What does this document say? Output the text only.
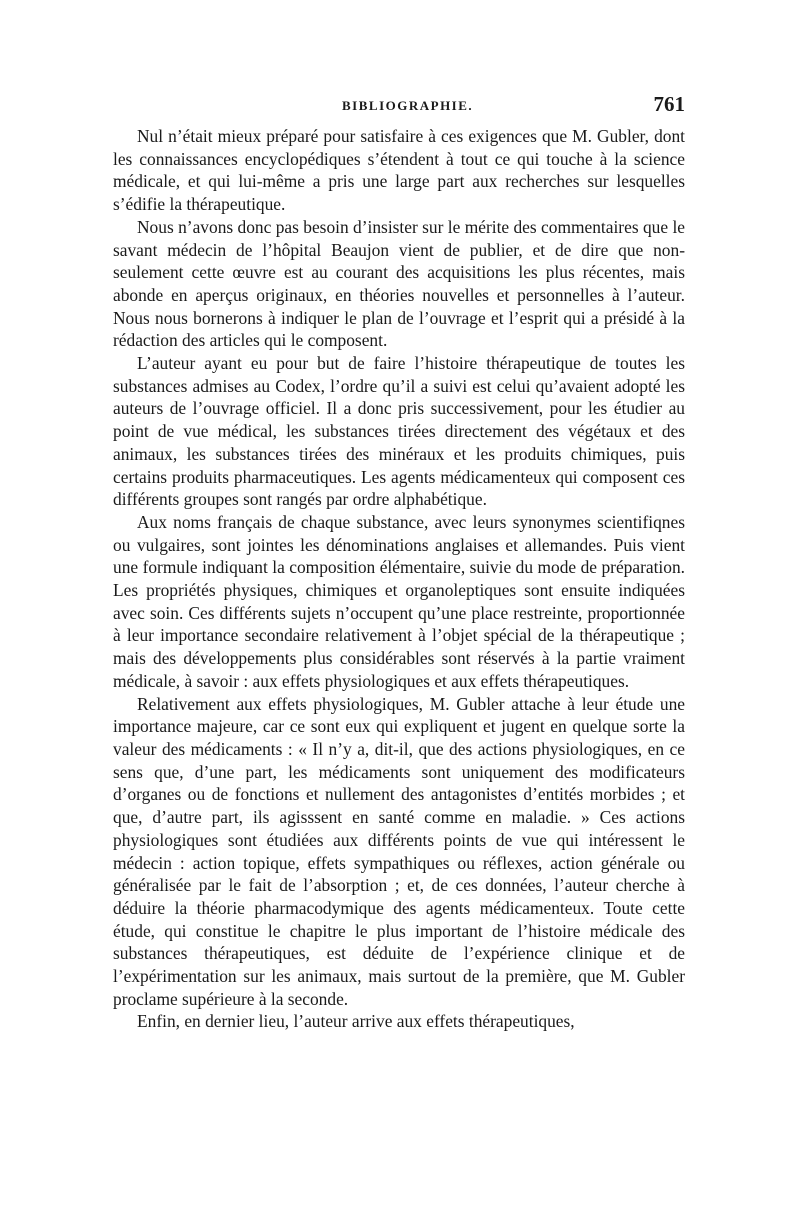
BIBLIOGRAPHIE.	761

Nul n’était mieux préparé pour satisfaire à ces exigences que M. Gubler, dont les connaissances encyclopédiques s’étendent à tout ce qui touche à la science médicale, et qui lui-même a pris une large part aux recherches sur lesquelles s’édifie la thérapeutique.

Nous n’avons donc pas besoin d’insister sur le mérite des commentaires que le savant médecin de l’hôpital Beaujon vient de publier, et de dire que non-seulement cette œuvre est au courant des acquisitions les plus récentes, mais abonde en aperçus originaux, en théories nouvelles et personnelles à l’auteur. Nous nous bornerons à indiquer le plan de l’ouvrage et l’esprit qui a présidé à la rédaction des articles qui le composent.

L’auteur ayant eu pour but de faire l’histoire thérapeutique de toutes les substances admises au Codex, l’ordre qu’il a suivi est celui qu’avaient adopté les auteurs de l’ouvrage officiel. Il a donc pris successivement, pour les étudier au point de vue médical, les substances tirées directement des végétaux et des animaux, les substances tirées des minéraux et les produits chimiques, puis certains produits pharmaceutiques. Les agents médicamenteux qui composent ces différents groupes sont rangés par ordre alphabétique.

Aux noms français de chaque substance, avec leurs synonymes scientifiqnes ou vulgaires, sont jointes les dénominations anglaises et allemandes. Puis vient une formule indiquant la composition élémentaire, suivie du mode de préparation. Les propriétés physiques, chimiques et organoleptiques sont ensuite indiquées avec soin. Ces différents sujets n’occupent qu’une place restreinte, proportionnée à leur importance secondaire relativement à l’objet spécial de la thérapeutique ; mais des développements plus considérables sont réservés à la partie vraiment médicale, à savoir : aux effets physiologiques et aux effets thérapeutiques.

Relativement aux effets physiologiques, M. Gubler attache à leur étude une importance majeure, car ce sont eux qui expliquent et jugent en quelque sorte la valeur des médicaments : « Il n’y a, dit-il, que des actions physiologiques, en ce sens que, d’une part, les médicaments sont uniquement des modificateurs d’organes ou de fonctions et nullement des antagonistes d’entités morbides ; et que, d’autre part, ils agisssent en santé comme en maladie. » Ces actions physiologiques sont étudiées aux différents points de vue qui intéressent le médecin : action topique, effets sympathiques ou réflexes, action générale ou généralisée par le fait de l’absorption ; et, de ces données, l’auteur cherche à déduire la théorie pharmacodymique des agents médicamenteux. Toute cette étude, qui constitue le chapitre le plus important de l’histoire médicale des substances thérapeutiques, est déduite de l’expérience clinique et de l’expérimentation sur les animaux, mais surtout de la première, que M. Gubler proclame supérieure à la seconde.

Enfin, en dernier lieu, l’auteur arrive aux effets thérapeutiques,
